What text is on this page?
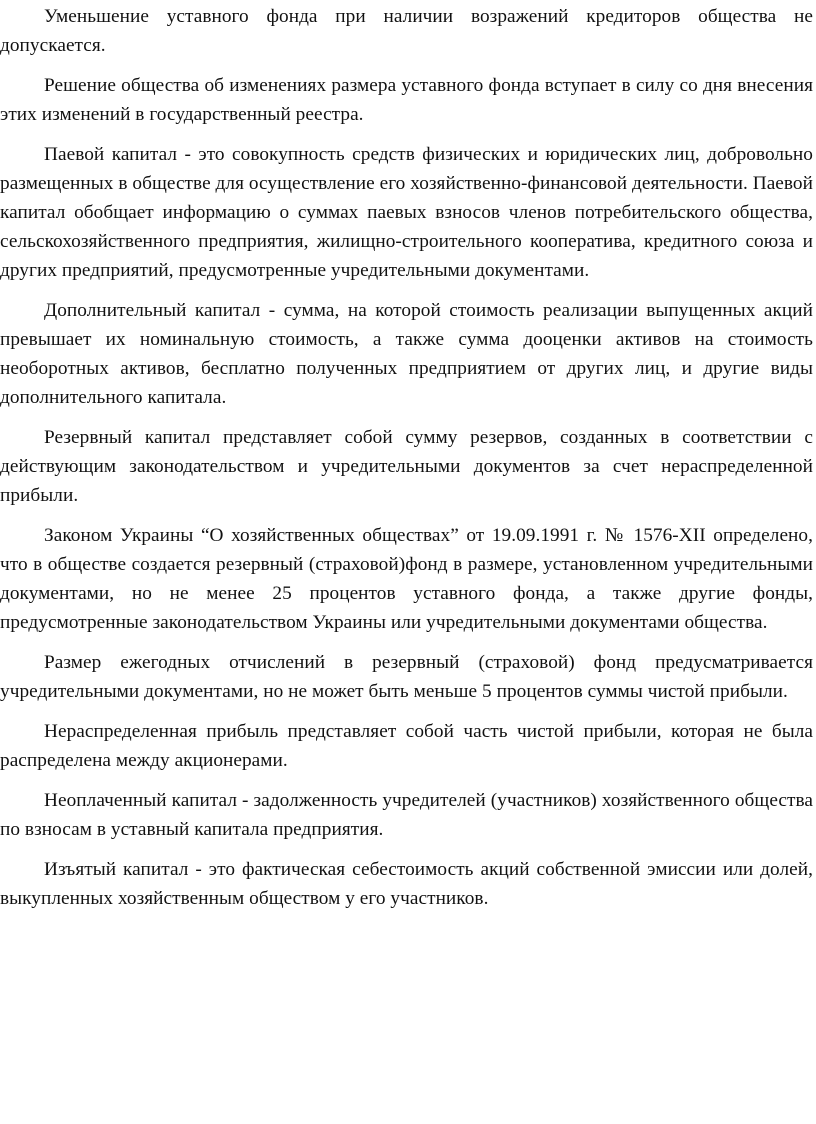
Уменьшение уставного фонда при наличии возражений кредиторов общества не допускается.

Решение общества об изменениях размера уставного фонда вступает в силу со дня внесения этих изменений в государственный реестра.

Паевой капитал - это совокупность средств физических и юридических лиц, добровольно размещенных в обществе для осуществление его хозяйственно-финансовой деятельности. Паевой капитал обобщает информацию о суммах паевых взносов членов потребительского общества, сельскохозяйственного предприятия, жилищно-строительного кооператива, кредитного союза и других предприятий, предусмотренные учредительными документами.

Дополнительный капитал - сумма, на которой стоимость реализации выпущенных акций превышает их номинальную стоимость, а также сумма дооценки активов на стоимость необоротных активов, бесплатно полученных предприятием от других лиц, и другие виды дополнительного капитала.

Резервный капитал представляет собой сумму резервов, созданных в соответствии с действующим законодательством и учредительными документов за счет нераспределенной прибыли.

Законом Украины “О хозяйственных обществах” от 19.09.1991 г. № 1576-XII определено, что в обществе создается резервный (страховой)фонд в размере, установленном учредительными документами, но не менее 25 процентов уставного фонда, а также другие фонды, предусмотренные законодательством Украины или учредительными документами общества.

Размер ежегодных отчислений в резервный (страховой) фонд предусматривается учредительными документами, но не может быть меньше 5 процентов суммы чистой прибыли.

Нераспределенная прибыль представляет собой часть чистой прибыли, которая не была распределена между акционерами.

Неоплаченный капитал - задолженность учредителей (участников) хозяйственного общества по взносам в уставный капитала предприятия.

Изъятый капитал - это фактическая себестоимость акций собственной эмиссии или долей, выкупленных хозяйственным обществом у его участников.
